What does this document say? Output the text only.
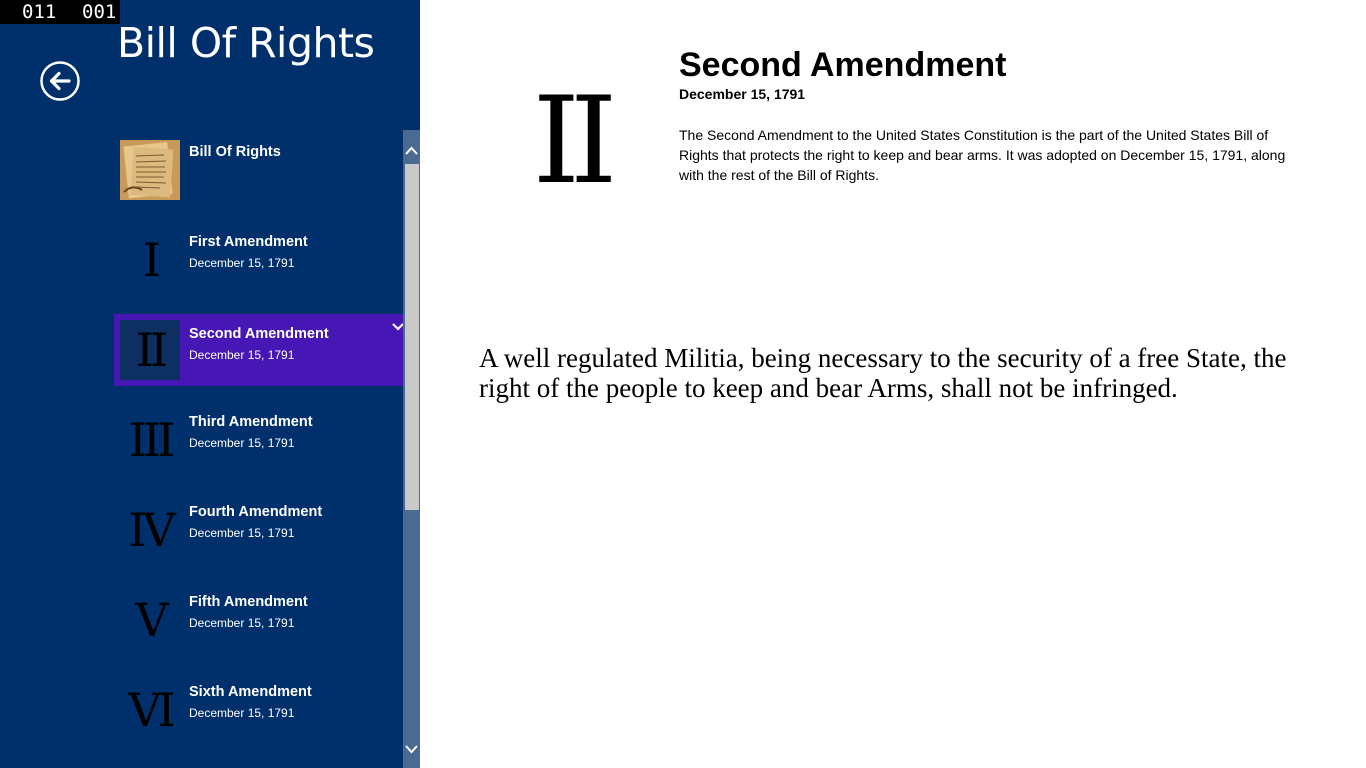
011 001
Bill Of Rights
Bill Of Rights
I	First Amendment
December 15, 1791
II	Second Amendment
December 15, 1791
III	Third Amendment
December 15, 1791
IV	Fourth Amendment
December 15, 1791
V	Fifth Amendment
December 15, 1791
VI	Sixth Amendment
December 15, 1791
II
Second Amendment
December 15, 1791

The Second Amendment to the United States Constitution is the part of the United States Bill of Rights that protects the right to keep and bear arms. It was adopted on December 15, 1791, along with the rest of the Bill of Rights.

A well regulated Militia, being necessary to the security of a free State, the right of the people to keep and bear Arms, shall not be infringed.
